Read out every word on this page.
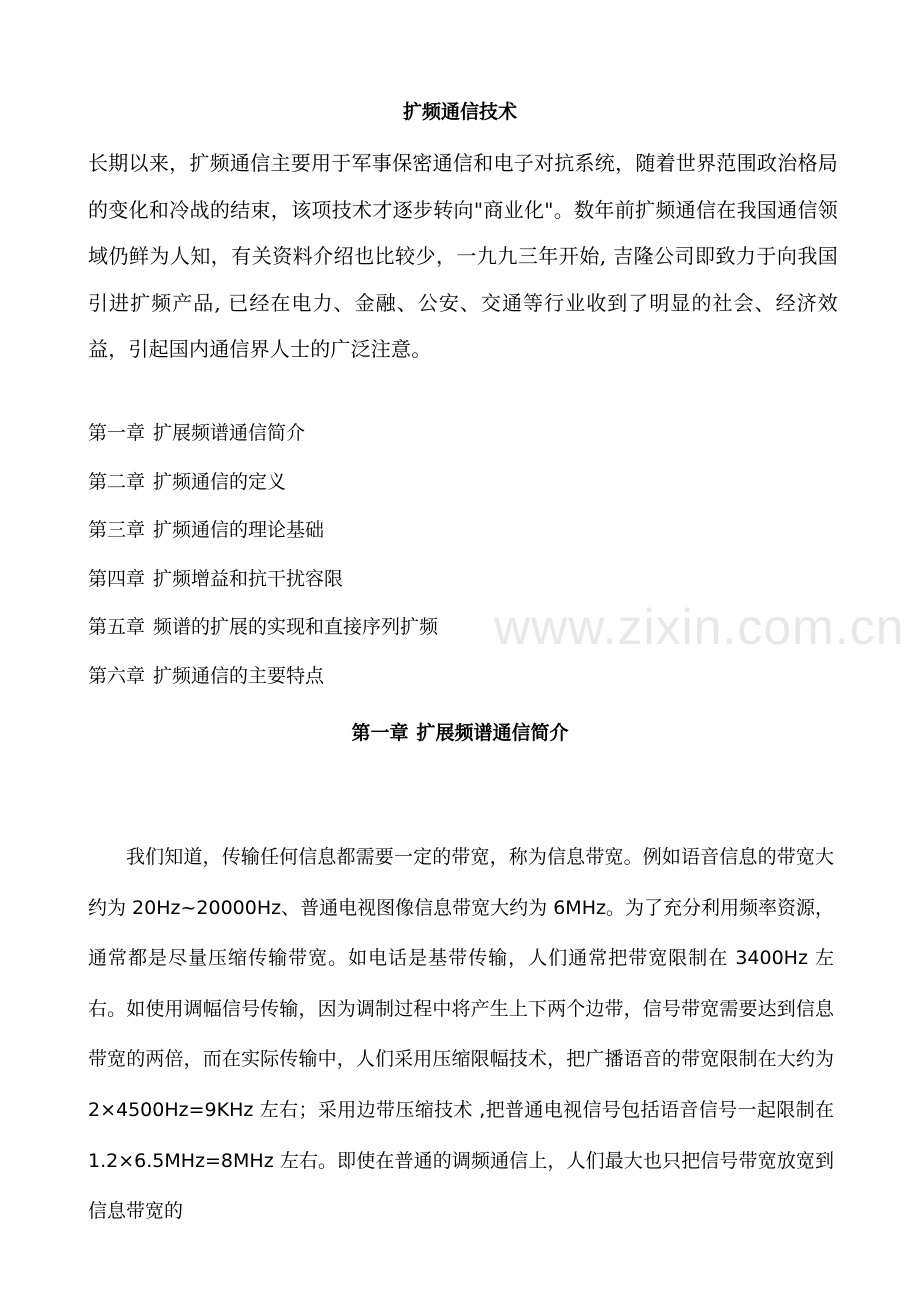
扩频通信技术

长期以来，扩频通信主要用于军事保密通信和电子对抗系统，随着世界范围政治格局的变化和冷战的结束，该项技术才逐步转向"商业化"。数年前扩频通信在我国通信领域仍鲜为人知，有关资料介绍也比较少，一九九三年开始, 吉隆公司即致力于向我国引进扩频产品, 已经在电力、金融、公安、交通等行业收到了明显的社会、经济效益，引起国内通信界人士的广泛注意。

第一章 扩展频谱通信简介
第二章 扩频通信的定义
第三章 扩频通信的理论基础
第四章 扩频增益和抗干扰容限
第五章 频谱的扩展的实现和直接序列扩频
第六章 扩频通信的主要特点
第一章 扩展频谱通信简介

我们知道，传输任何信息都需要一定的带宽，称为信息带宽。例如语音信息的带宽大约为 20Hz~20000Hz、普通电视图像信息带宽大约为 6MHz。为了充分利用频率资源，通常都是尽量压缩传输带宽。如电话是基带传输，人们通常把带宽限制在 3400Hz 左右。如使用调幅信号传输，因为调制过程中将产生上下两个边带，信号带宽需要达到信息带宽的两倍，而在实际传输中，人们采用压缩限幅技术，把广播语音的带宽限制在大约为 2×4500Hz=9KHz 左右；采用边带压缩技术 ,把普通电视信号包括语音信号一起限制在 1.2×6.5MHz=8MHz 左右。即使在普通的调频通信上，人们最大也只把信号带宽放宽到信息带宽的

www.zixin.com.cn
